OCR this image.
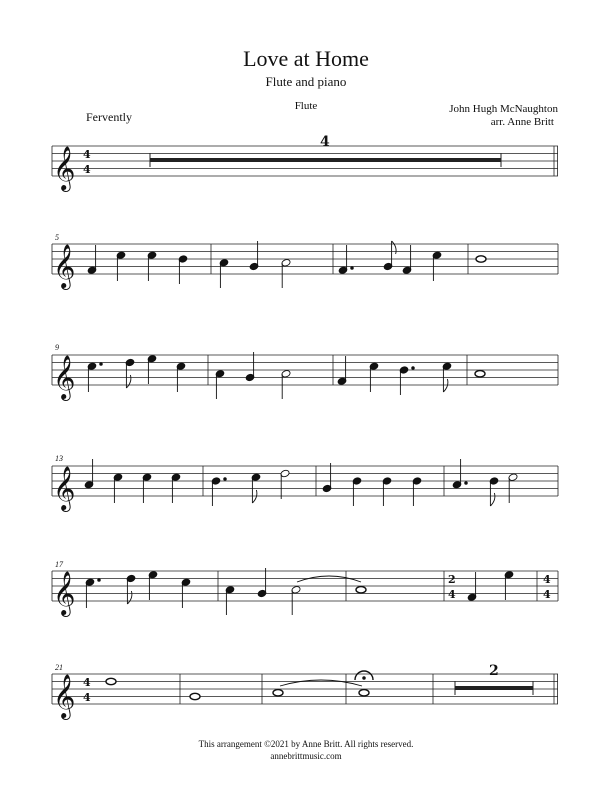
Love at Home
Flute and piano
Flute	John Hugh McNaughton
arr. Anne Britt
Fervently
𝄞 4
4
4
5
𝄞
9
𝄞
13
𝄞
17
𝄞	2
4
4
4
21
𝄞 4
4
2
This arrangement ©2021 by Anne Britt. All rights reserved.
annebrittmusic.com
